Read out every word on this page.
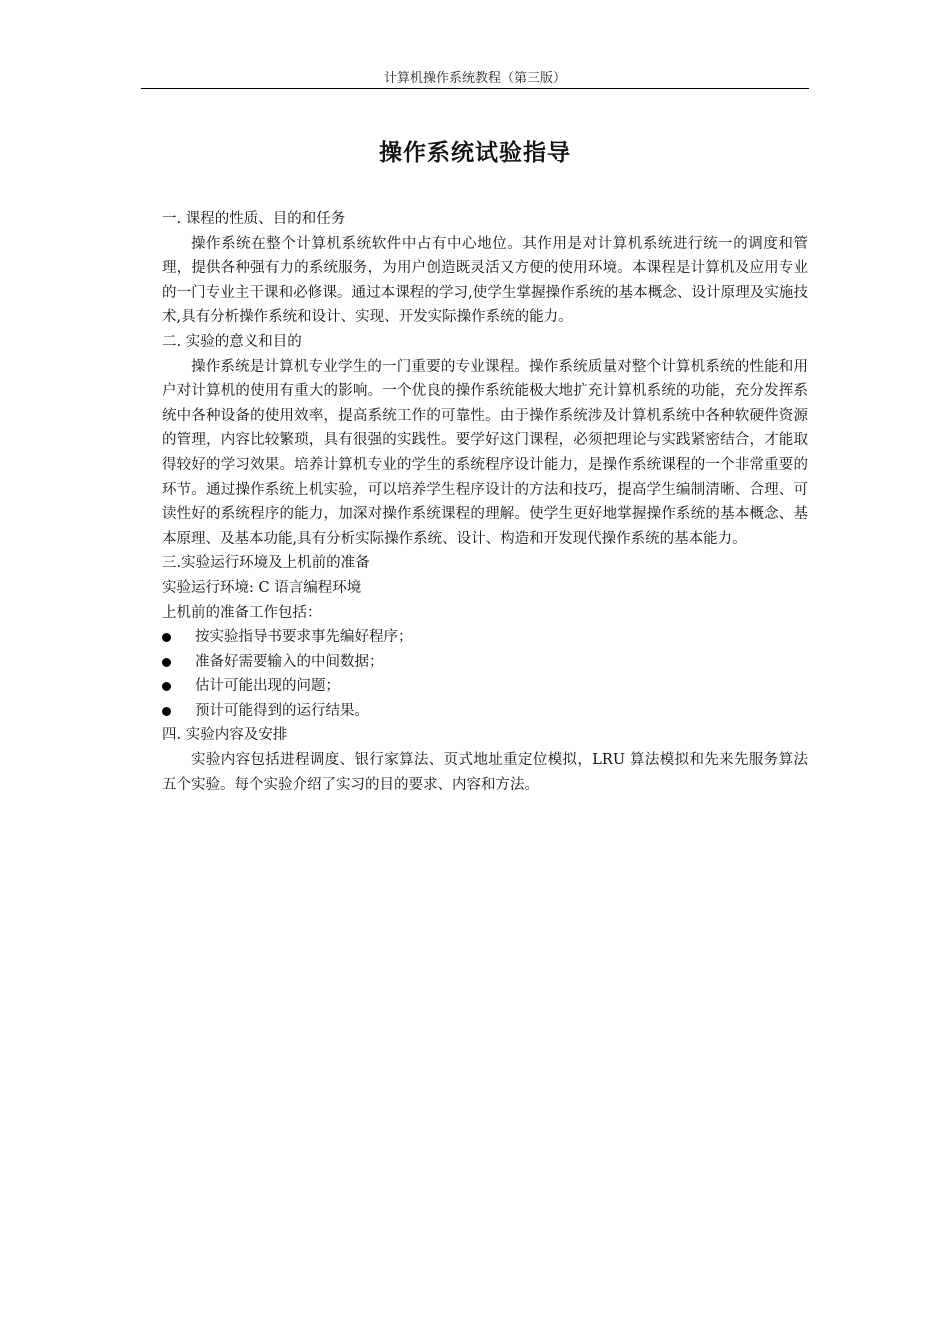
计算机操作系统教程（第三版）
操作系统试验指导

一. 课程的性质、目的和任务

操作系统在整个计算机系统软件中占有中心地位。其作用是对计算机系统进行统一的调度和管理，提供各种强有力的系统服务，为用户创造既灵活又方便的使用环境。本课程是计算机及应用专业的一门专业主干课和必修课。通过本课程的学习,使学生掌握操作系统的基本概念、设计原理及实施技术,具有分析操作系统和设计、实现、开发实际操作系统的能力。

二. 实验的意义和目的

操作系统是计算机专业学生的一门重要的专业课程。操作系统质量对整个计算机系统的性能和用户对计算机的使用有重大的影响。一个优良的操作系统能极大地扩充计算机系统的功能，充分发挥系统中各种设备的使用效率，提高系统工作的可靠性。由于操作系统涉及计算机系统中各种软硬件资源的管理，内容比较繁琐，具有很强的实践性。要学好这门课程，必须把理论与实践紧密结合，才能取得较好的学习效果。培养计算机专业的学生的系统程序设计能力，是操作系统课程的一个非常重要的环节。通过操作系统上机实验，可以培养学生程序设计的方法和技巧，提高学生编制清晰、合理、可读性好的系统程序的能力，加深对操作系统课程的理解。使学生更好地掌握操作系统的基本概念、基本原理、及基本功能,具有分析实际操作系统、设计、构造和开发现代操作系统的基本能力。

三.实验运行环境及上机前的准备

实验运行环境: C 语言编程环境

上机前的准备工作包括：

按实验指导书要求事先编好程序；
准备好需要输入的中间数据；
估计可能出现的问题；
预计可能得到的运行结果。

四. 实验内容及安排

实验内容包括进程调度、银行家算法、页式地址重定位模拟，LRU 算法模拟和先来先服务算法五个实验。每个实验介绍了实习的目的要求、内容和方法。
